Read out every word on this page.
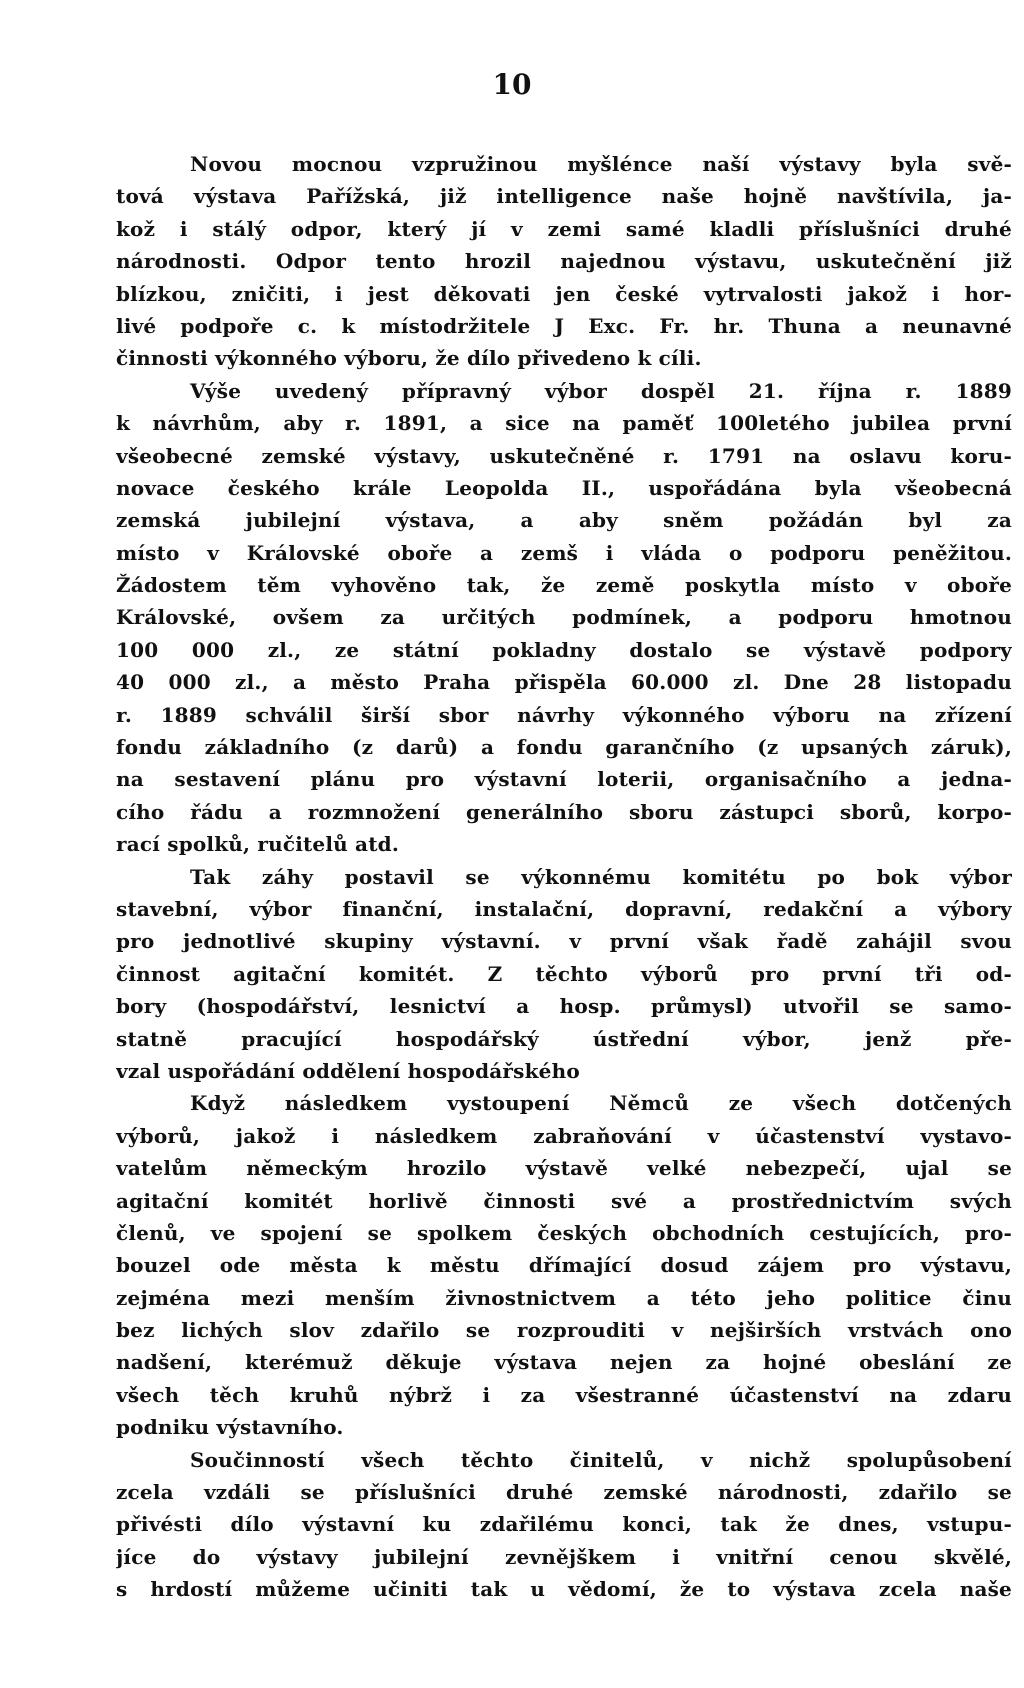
10
Novou mocnou vzpružinou myšlénce naší výstavy byla svě-
tová výstava Pařížská, již intelligence naše hojně navštívila, ja-
kož i stálý odpor, který jí v zemi samé kladli příslušníci druhé
národnosti. Odpor tento hrozil najednou výstavu, uskutečnění již
blízkou, zničiti, i jest děkovati jen české vytrvalosti jakož i hor-
livé podpoře c. k místodržitele J Exc. Fr. hr. Thuna a neunavné
činnosti výkonného výboru, že dílo přivedeno k cíli.
Výše uvedený přípravný výbor dospěl 21. října r. 1889
k návrhům, aby r. 1891, a sice na paměť 100letého jubilea první
všeobecné zemské výstavy, uskutečněné r. 1791 na oslavu koru-
novace českého krále Leopolda II., uspořádána byla všeobecná
zemská jubilejní výstava, a aby sněm požádán byl za
místo v Královské oboře a zemš i vláda o podporu peněžitou.
Žádostem těm vyhověno tak, že země poskytla místo v oboře
Královské, ovšem za určitých podmínek, a podporu hmotnou
100 000 zl., ze státní pokladny dostalo se výstavě podpory
40 000 zl., a město Praha přispěla 60.000 zl. Dne 28 listopadu
r. 1889 schválil širší sbor návrhy výkonného výboru na zřízení
fondu základního (z darů) a fondu garančního (z upsaných záruk),
na sestavení plánu pro výstavní loterii, organisačního a jedna-
cího řádu a rozmnožení generálního sboru zástupci sborů, korpo-
rací spolků, ručitelů atd.
Tak záhy postavil se výkonnému komitétu po bok výbor
stavební, výbor finanční, instalační, dopravní, redakční a výbory
pro jednotlivé skupiny výstavní. v první však řadě zahájil svou
činnost agitační komitét. Z těchto výborů pro první tři od-
bory (hospodářství, lesnictví a hosp. průmysl) utvořil se samo-
statně pracující hospodářský ústřední výbor, jenž pře-
vzal uspořádání oddělení hospodářského
Když následkem vystoupení Němců ze všech dotčených
výborů, jakož i následkem zabraňování v účastenství vystavo-
vatelům německým hrozilo výstavě velké nebezpečí, ujal se
agitační komitét horlivě činnosti své a prostřednictvím svých
členů, ve spojení se spolkem českých obchodních cestujících, pro-
bouzel ode města k městu dřímající dosud zájem pro výstavu,
zejména mezi menším živnostnictvem a této jeho politice činu
bez lichých slov zdařilo se rozprouditi v nejširších vrstvách ono
nadšení, kterémuž děkuje výstava nejen za hojné obeslání ze
všech těch kruhů nýbrž i za všestranné účastenství na zdaru
podniku výstavního.
Součinností všech těchto činitelů, v nichž spolupůsobení
zcela vzdáli se příslušníci druhé zemské národnosti, zdařilo se
přivésti dílo výstavní ku zdařilému konci, tak že dnes, vstupu-
jíce do výstavy jubilejní zevnějškem i vnitřní cenou skvělé,
s hrdostí můžeme učiniti tak u vědomí, že to výstava zcela naše
